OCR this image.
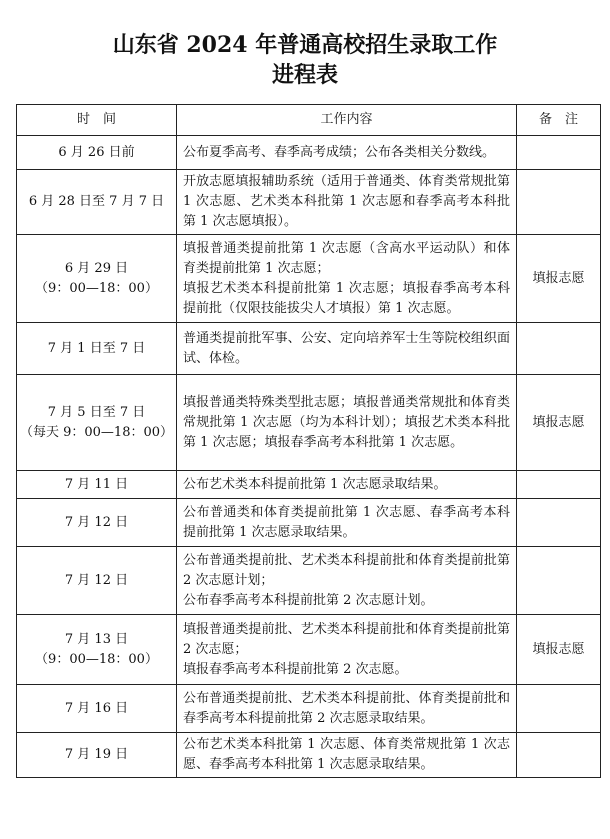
山东省 2024 年普通高校招生录取工作
进程表
时　间	工作内容	备　注

6 月 26 日前	公布夏季高考、春季高考成绩；公布各类相关分数线。	

6 月 28 日至 7 月 7 日	开放志愿填报辅助系统（适用于普通类、体育类常规批第 1 次志愿、艺术类本科批第 1 次志愿和春季高考本科批第 1 次志愿填报）。	

6 月 29 日
（9：00—18：00）	填报普通类提前批第 1 次志愿（含高水平运动队）和体育类提前批第 1 次志愿；
填报艺术类本科提前批第 1 次志愿；填报春季高考本科提前批（仅限技能拔尖人才填报）第 1 次志愿。	填报志愿

7 月 1 日至 7 日	普通类提前批军事、公安、定向培养军士生等院校组织面试、体检。	

7 月 5 日至 7 日
（每天 9：00—18：00）	填报普通类特殊类型批志愿；填报普通类常规批和体育类常规批第 1 次志愿（均为本科计划）；填报艺术类本科批第 1 次志愿；填报春季高考本科批第 1 次志愿。	填报志愿

7 月 11 日	公布艺术类本科提前批第 1 次志愿录取结果。	

7 月 12 日	公布普通类和体育类提前批第 1 次志愿、春季高考本科提前批第 1 次志愿录取结果。	

7 月 12 日	公布普通类提前批、艺术类本科提前批和体育类提前批第 2 次志愿计划；
公布春季高考本科提前批第 2 次志愿计划。	

7 月 13 日
（9：00—18：00）	填报普通类提前批、艺术类本科提前批和体育类提前批第 2 次志愿；
填报春季高考本科提前批第 2 次志愿。	填报志愿

7 月 16 日	公布普通类提前批、艺术类本科提前批、体育类提前批和春季高考本科提前批第 2 次志愿录取结果。	

7 月 19 日	公布艺术类本科批第 1 次志愿、体育类常规批第 1 次志愿、春季高考本科批第 1 次志愿录取结果。	
